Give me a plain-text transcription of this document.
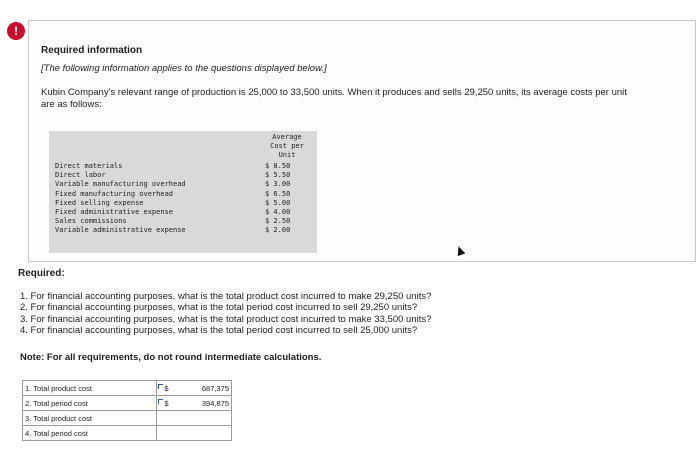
!
Required information
[The following information applies to the questions displayed below.]
Kubin Company's relevant range of production is 25,000 to 33,500 units. When it produces and sells 29,250 units, its average costs per unit are as follows:
Average
Cost per
Unit
Direct materials	$ 8.50
Direct labor	$ 5.50
Variable manufacturing overhead	$ 3.00
Fixed manufacturing overhead	$ 6.50
Fixed selling expense	$ 5.00
Fixed administrative expense	$ 4.00
Sales commissions	$ 2.50
Variable administrative expense	$ 2.00
Required:
1. For financial accounting purposes, what is the total product cost incurred to make 29,250 units?
2. For financial accounting purposes, what is the total period cost incurred to sell 29,250 units?
3. For financial accounting purposes, what is the total product cost incurred to make 33,500 units?
4. For financial accounting purposes, what is the total period cost incurred to sell 25,000 units?
Note: For all requirements, do not round intermediate calculations.
1. Total product cost	$	687,375
2. Total period cost	$	394,875
3. Total product cost		
4. Total period cost		
